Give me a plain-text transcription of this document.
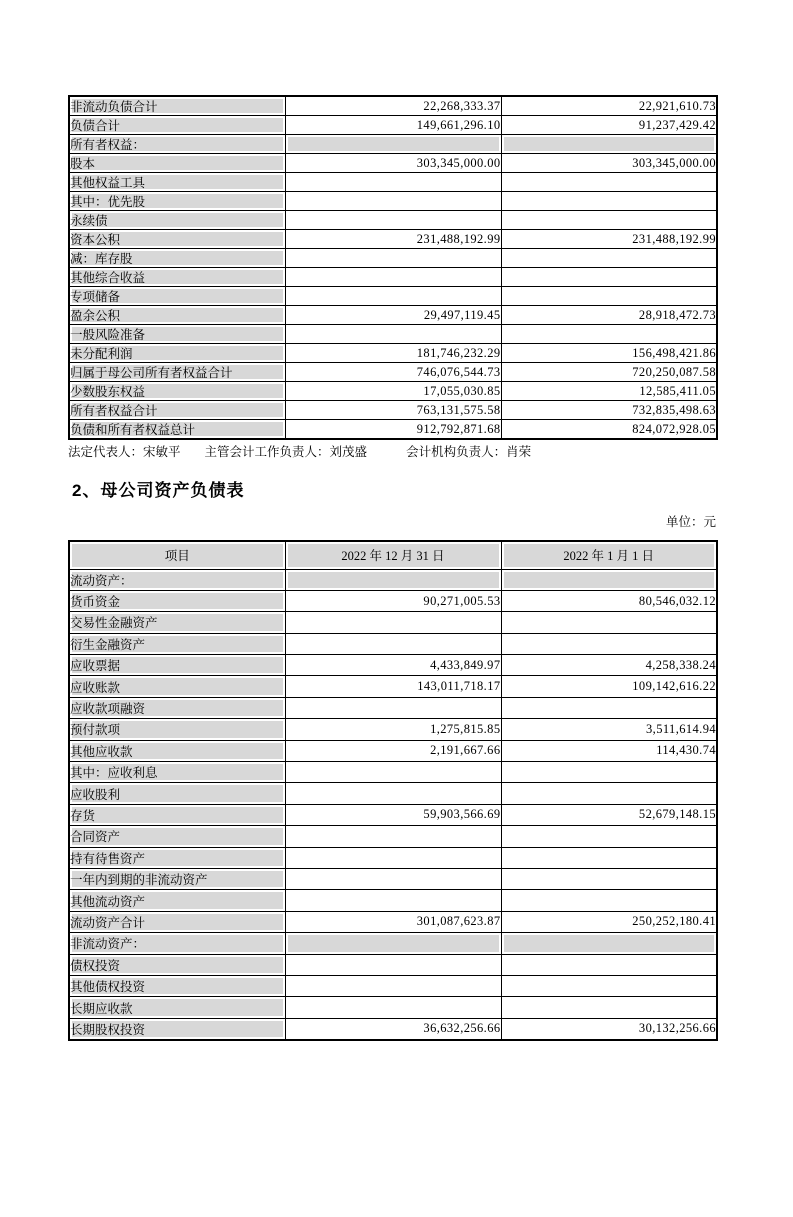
非流动负债合计	22,268,333.37	22,921,610.73
负债合计	149,661,296.10	91,237,429.42
所有者权益：		
股本	303,345,000.00	303,345,000.00
其他权益工具		
其中：优先股		
永续债		
资本公积	231,488,192.99	231,488,192.99
减：库存股		
其他综合收益		
专项储备		
盈余公积	29,497,119.45	28,918,472.73
一般风险准备		
未分配利润	181,746,232.29	156,498,421.86
归属于母公司所有者权益合计	746,076,544.73	720,250,087.58
少数股东权益	17,055,030.85	12,585,411.05
所有者权益合计	763,131,575.58	732,835,498.63
负债和所有者权益总计	912,792,871.68	824,072,928.05
法定代表人：宋敏平 主管会计工作负责人：刘茂盛	会计机构负责人：肖荣
2、母公司资产负债表
单位：元
项目	2022 年 12 月 31 日	2022 年 1 月 1 日
流动资产：		
货币资金	90,271,005.53	80,546,032.12
交易性金融资产		
衍生金融资产		
应收票据	4,433,849.97	4,258,338.24
应收账款	143,011,718.17	109,142,616.22
应收款项融资		
预付款项	1,275,815.85	3,511,614.94
其他应收款	2,191,667.66	114,430.74
其中：应收利息		
应收股利		
存货	59,903,566.69	52,679,148.15
合同资产		
持有待售资产		
一年内到期的非流动资产		
其他流动资产		
流动资产合计	301,087,623.87	250,252,180.41
非流动资产：		
债权投资		
其他债权投资		
长期应收款		
长期股权投资	36,632,256.66	30,132,256.66
